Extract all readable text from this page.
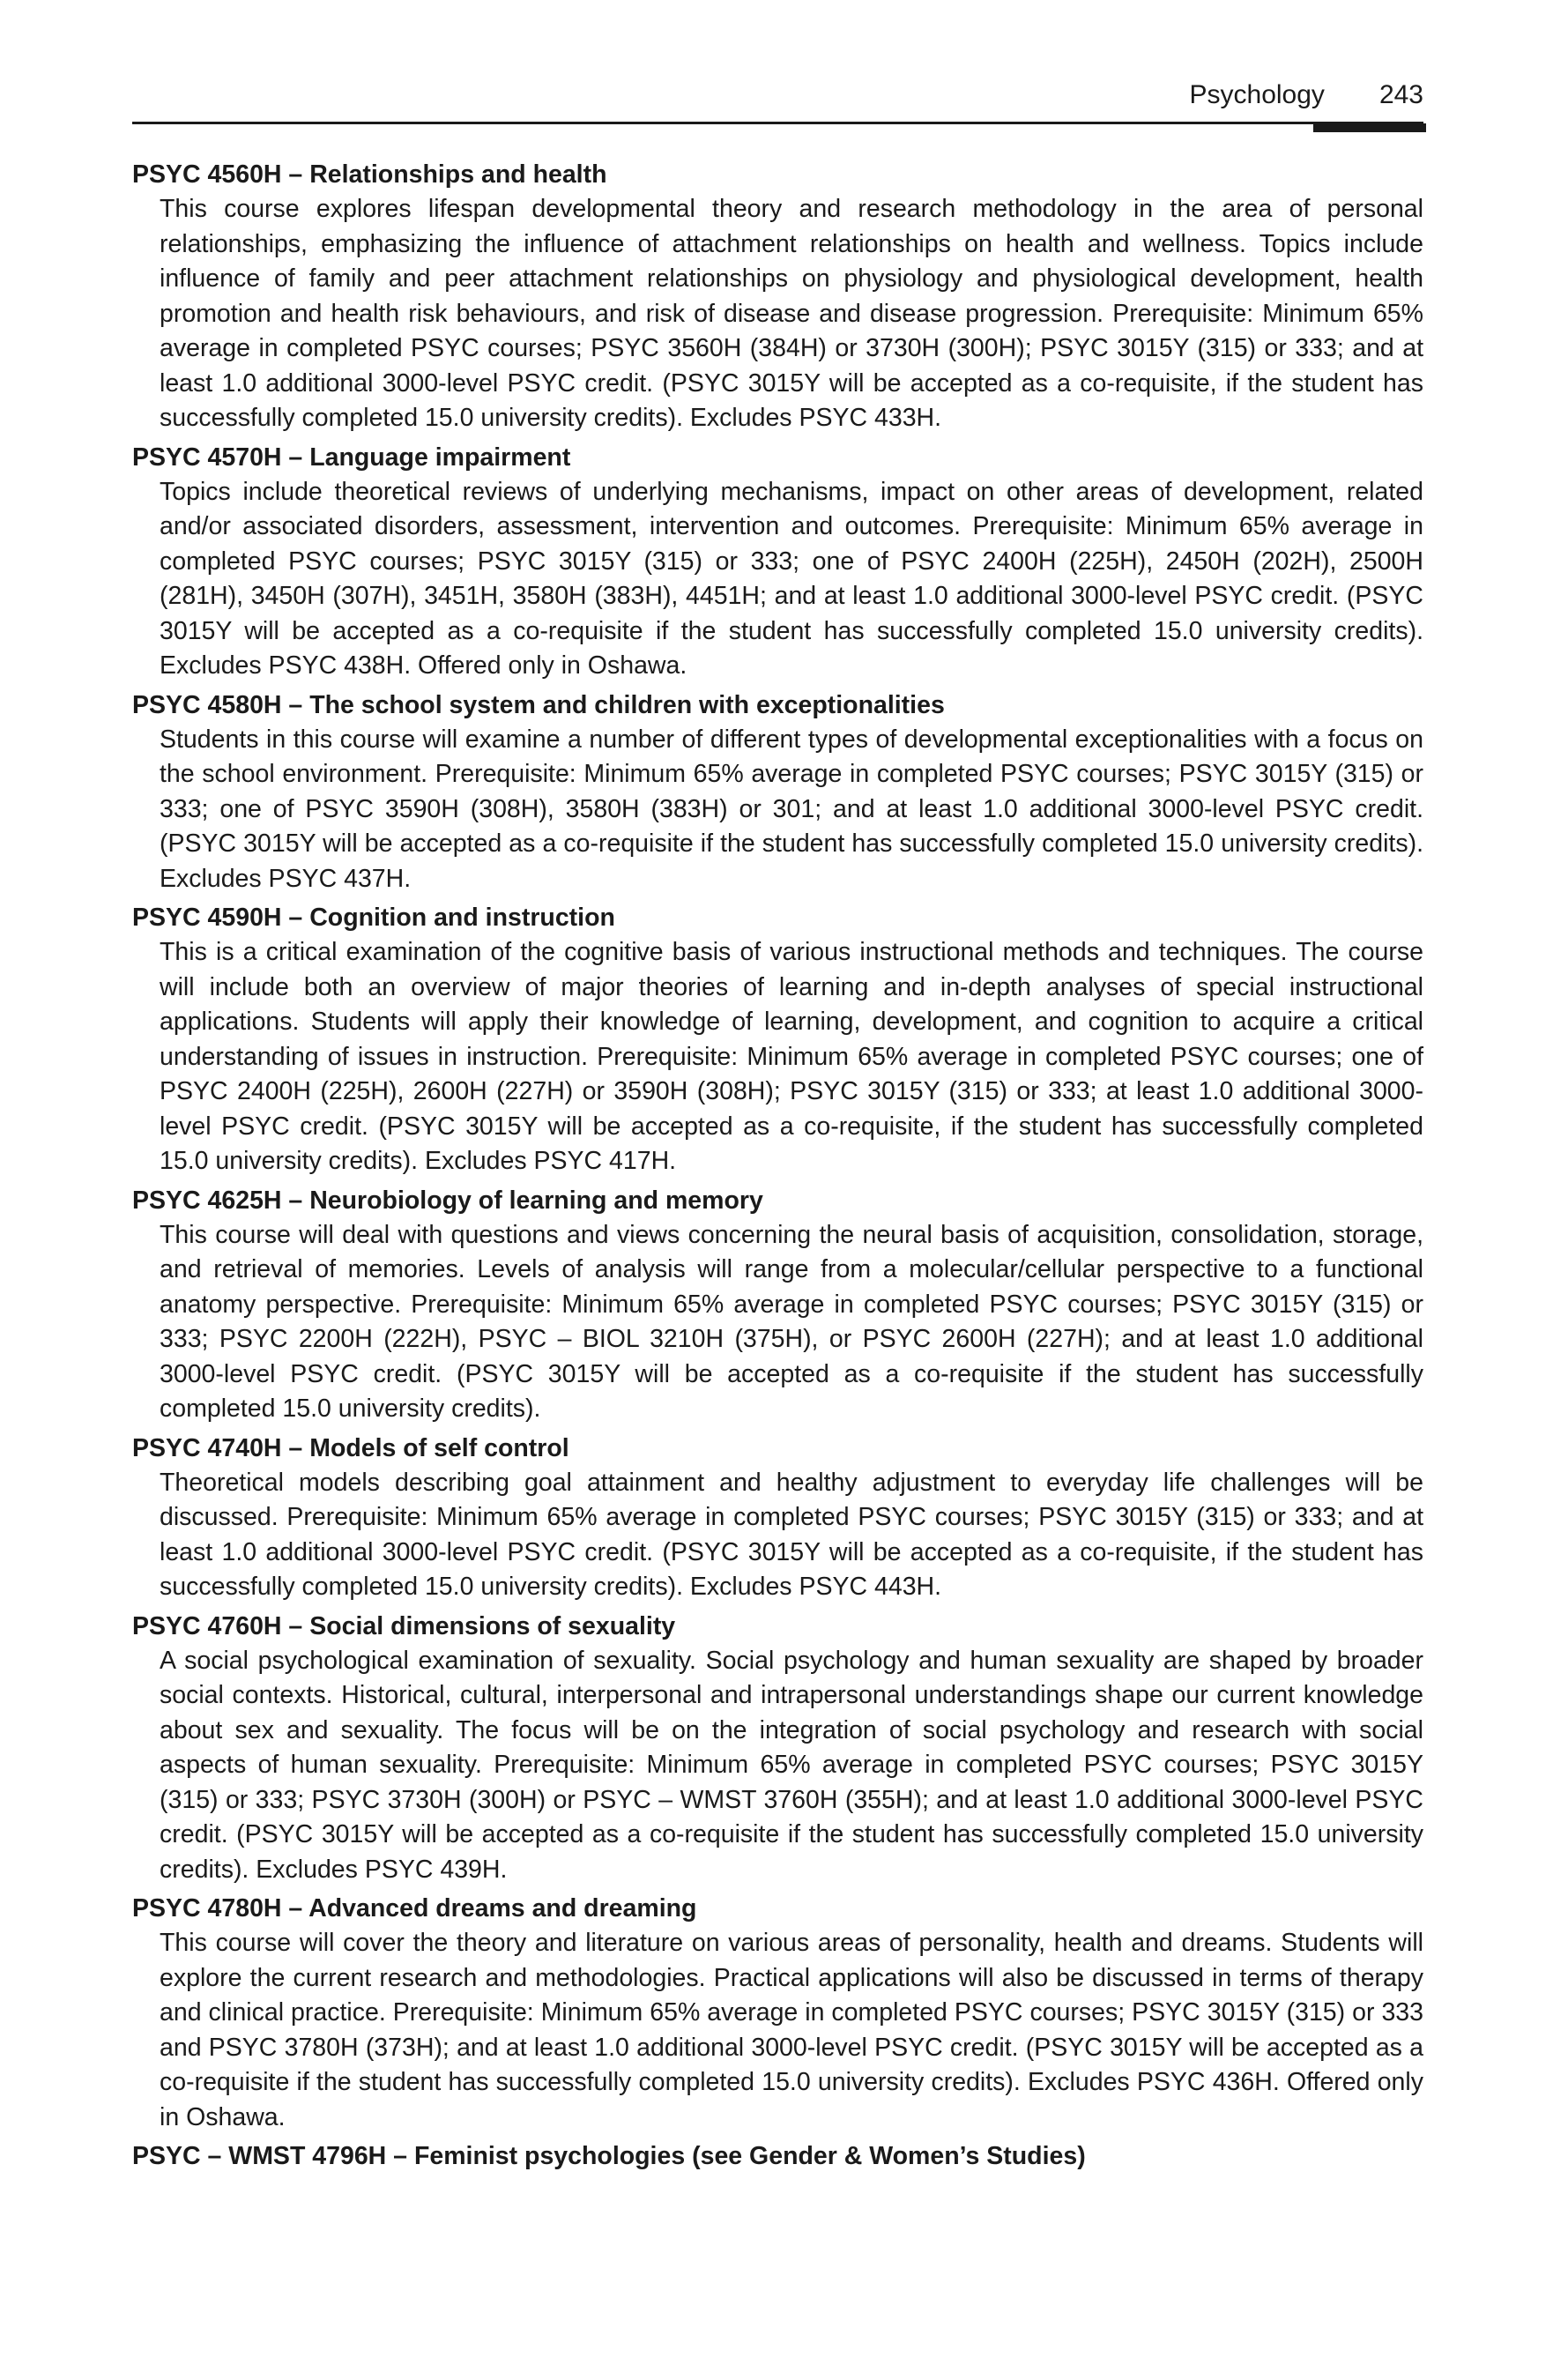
Psychology 243

PSYC 4560H – Relationships and health

This course explores lifespan developmental theory and research methodology in the area of personal relationships, emphasizing the influence of attachment relationships on health and wellness. Topics include influence of family and peer attachment relationships on physiology and physiological development, health promotion and health risk behaviours, and risk of disease and disease progression. Prerequisite: Minimum 65% average in completed PSYC courses; PSYC 3560H (384H) or 3730H (300H); PSYC 3015Y (315) or 333; and at least 1.0 additional 3000-level PSYC credit. (PSYC 3015Y will be accepted as a co-requisite, if the student has successfully completed 15.0 university credits). Excludes PSYC 433H.

PSYC 4570H – Language impairment

Topics include theoretical reviews of underlying mechanisms, impact on other areas of development, related and/or associated disorders, assessment, intervention and outcomes. Prerequisite: Minimum 65% average in completed PSYC courses; PSYC 3015Y (315) or 333; one of PSYC 2400H (225H), 2450H (202H), 2500H (281H), 3450H (307H), 3451H, 3580H (383H), 4451H; and at least 1.0 additional 3000-level PSYC credit. (PSYC 3015Y will be accepted as a co-requisite if the student has successfully completed 15.0 university credits). Excludes PSYC 438H. Offered only in Oshawa.

PSYC 4580H – The school system and children with exceptionalities

Students in this course will examine a number of different types of developmental exceptionalities with a focus on the school environment. Prerequisite: Minimum 65% average in completed PSYC courses; PSYC 3015Y (315) or 333; one of PSYC 3590H (308H), 3580H (383H) or 301; and at least 1.0 additional 3000-level PSYC credit. (PSYC 3015Y will be accepted as a co-requisite if the student has successfully completed 15.0 university credits). Excludes PSYC 437H.

PSYC 4590H – Cognition and instruction

This is a critical examination of the cognitive basis of various instructional methods and techniques. The course will include both an overview of major theories of learning and in-depth analyses of special instructional applications. Students will apply their knowledge of learning, development, and cognition to acquire a critical understanding of issues in instruction. Prerequisite: Minimum 65% average in completed PSYC courses; one of PSYC 2400H (225H), 2600H (227H) or 3590H (308H); PSYC 3015Y (315) or 333; at least 1.0 additional 3000-level PSYC credit. (PSYC 3015Y will be accepted as a co-requisite, if the student has successfully completed 15.0 university credits). Excludes PSYC 417H.

PSYC 4625H – Neurobiology of learning and memory

This course will deal with questions and views concerning the neural basis of acquisition, consolidation, storage, and retrieval of memories. Levels of analysis will range from a molecular/cellular perspective to a functional anatomy perspective. Prerequisite: Minimum 65% average in completed PSYC courses; PSYC 3015Y (315) or 333; PSYC 2200H (222H), PSYC – BIOL 3210H (375H), or PSYC 2600H (227H); and at least 1.0 additional 3000-level PSYC credit. (PSYC 3015Y will be accepted as a co-requisite if the student has successfully completed 15.0 university credits).

PSYC 4740H – Models of self control

Theoretical models describing goal attainment and healthy adjustment to everyday life challenges will be discussed. Prerequisite: Minimum 65% average in completed PSYC courses; PSYC 3015Y (315) or 333; and at least 1.0 additional 3000-level PSYC credit. (PSYC 3015Y will be accepted as a co-requisite, if the student has successfully completed 15.0 university credits). Excludes PSYC 443H.

PSYC 4760H – Social dimensions of sexuality

A social psychological examination of sexuality. Social psychology and human sexuality are shaped by broader social contexts. Historical, cultural, interpersonal and intrapersonal understandings shape our current knowledge about sex and sexuality. The focus will be on the integration of social psychology and research with social aspects of human sexuality. Prerequisite: Minimum 65% average in completed PSYC courses; PSYC 3015Y (315) or 333; PSYC 3730H (300H) or PSYC – WMST 3760H (355H); and at least 1.0 additional 3000-level PSYC credit. (PSYC 3015Y will be accepted as a co-requisite if the student has successfully completed 15.0 university credits). Excludes PSYC 439H.

PSYC 4780H – Advanced dreams and dreaming

This course will cover the theory and literature on various areas of personality, health and dreams. Students will explore the current research and methodologies. Practical applications will also be discussed in terms of therapy and clinical practice. Prerequisite: Minimum 65% average in completed PSYC courses; PSYC 3015Y (315) or 333 and PSYC 3780H (373H); and at least 1.0 additional 3000-level PSYC credit. (PSYC 3015Y will be accepted as a co-requisite if the student has successfully completed 15.0 university credits). Excludes PSYC 436H. Offered only in Oshawa.

PSYC – WMST 4796H – Feminist psychologies (see Gender & Women’s Studies)
